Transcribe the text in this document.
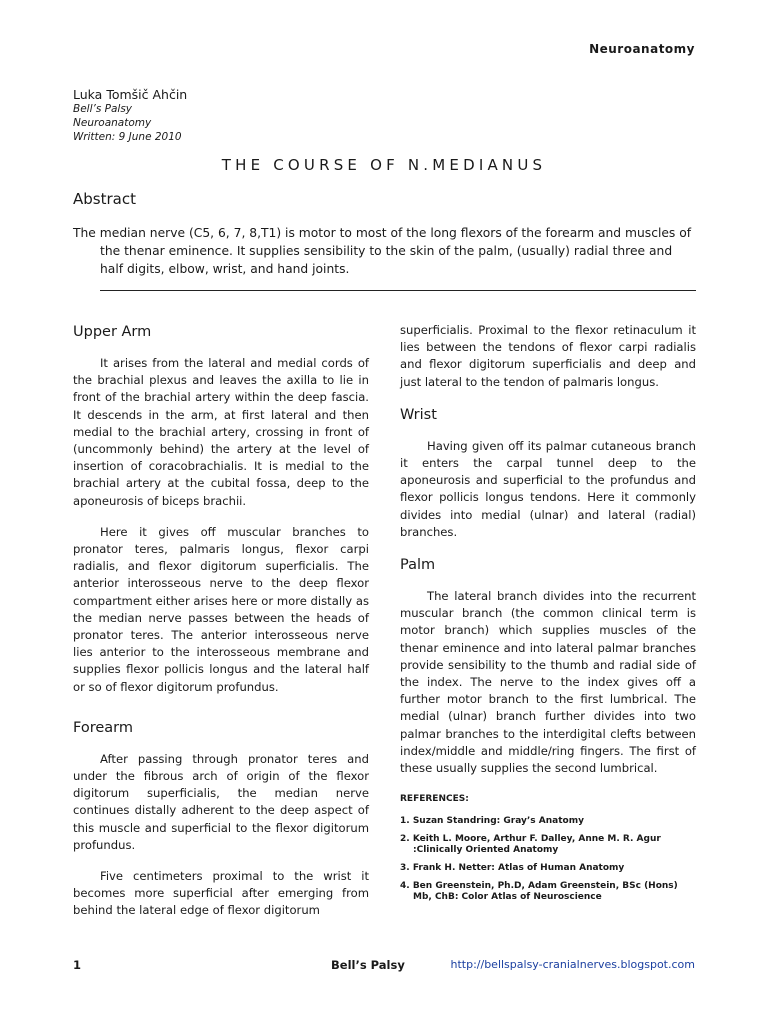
Neuroanatomy
Luka Tomšič Ahčin
Bell’s Palsy
Neuroanatomy
Written: 9 June 2010
THE COURSE OF N.MEDIANUS
Abstract
The median nerve (C5, 6, 7, 8,T1) is motor to most of the long flexors of the forearm and muscles of the thenar eminence. It supplies sensibility to the skin of the palm, (usually) radial three and half digits, elbow, wrist, and hand joints.
Upper Arm

It arises from the lateral and medial cords of the brachial plexus and leaves the axilla to lie in front of the brachial artery within the deep fascia. It descends in the arm, at first lateral and then medial to the brachial artery, crossing in front of (uncommonly behind) the artery at the level of insertion of coracobrachialis. It is medial to the brachial artery at the cubital fossa, deep to the aponeurosis of biceps brachii.

Here it gives off muscular branches to pronator teres, palmaris longus, flexor carpi radialis, and flexor digitorum superficialis. The anterior interosseous nerve to the deep flexor compartment either arises here or more distally as the median nerve passes between the heads of pronator teres. The anterior interosseous nerve lies anterior to the interosseous membrane and supplies flexor pollicis longus and the lateral half or so of flexor digitorum profundus.

Forearm

After passing through pronator teres and under the fibrous arch of origin of the flexor digitorum superficialis, the median nerve continues distally adherent to the deep aspect of this muscle and superficial to the flexor digitorum profundus.

Five centimeters proximal to the wrist it becomes more superficial after emerging from behind the lateral edge of flexor digitorum

superficialis. Proximal to the flexor retinaculum it lies between the tendons of flexor carpi radialis and flexor digitorum superficialis and deep and just lateral to the tendon of palmaris longus.

Wrist

Having given off its palmar cutaneous branch it enters the carpal tunnel deep to the aponeurosis and superficial to the profundus and flexor pollicis longus tendons. Here it commonly divides into medial (ulnar) and lateral (radial) branches.

Palm

The lateral branch divides into the recurrent muscular branch (the common clinical term is motor branch) which supplies muscles of the thenar eminence and into lateral palmar branches provide sensibility to the thumb and radial side of the index. The nerve to the index gives off a further motor branch to the first lumbrical. The medial (ulnar) branch further divides into two palmar branches to the interdigital clefts between index/middle and middle/ring fingers. The first of these usually supplies the second lumbrical.

REFERENCES:
1. Suzan Standring: Gray’s Anatomy
2. Keith L. Moore, Arthur F. Dalley, Anne M. R. Agur :Clinically Oriented Anatomy
3. Frank H. Netter: Atlas of Human Anatomy
4. Ben Greenstein, Ph.D, Adam Greenstein, BSc (Hons) Mb, ChB: Color Atlas of Neuroscience
1	Bell’s Palsy	http://bellspalsy-cranialnerves.blogspot.com
